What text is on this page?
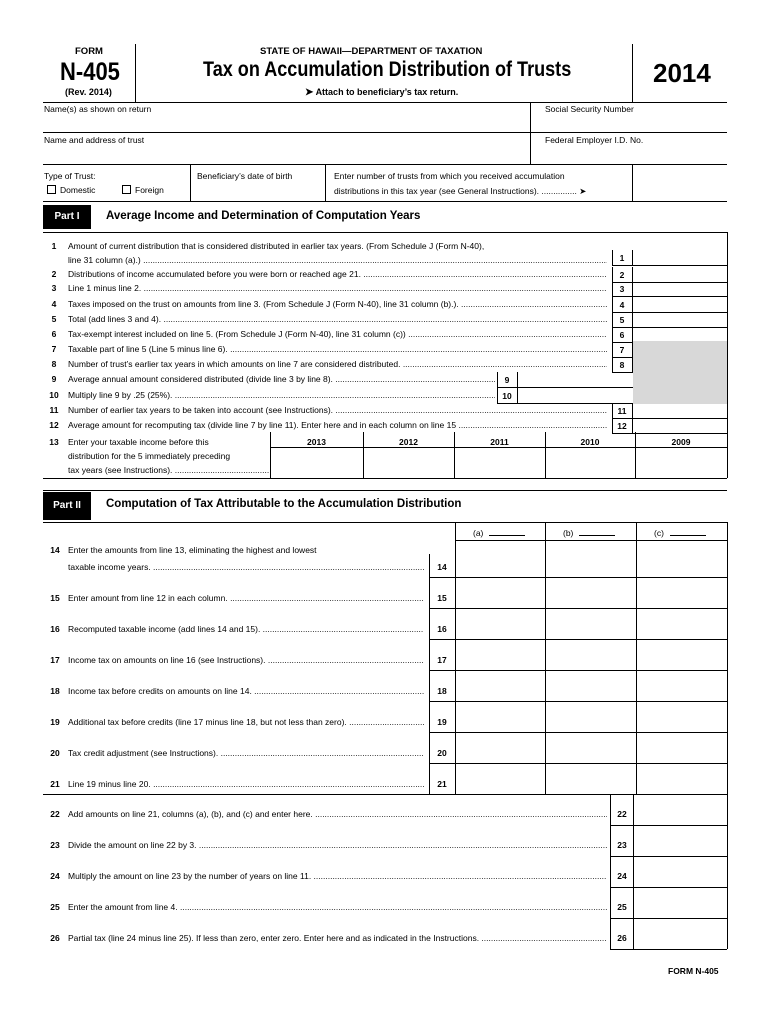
FORM
N-405
(Rev. 2014)
STATE OF HAWAII—DEPARTMENT OF TAXATION
Tax on Accumulation Distribution of Trusts
➤ Attach to beneficiary’s tax return.
2014
Name(s) as shown on return	Social Security Number
Name and address of trust	Federal Employer I.D. No.
Type of Trust:
Domestic	Foreign
Beneficiary’s date of birth	Enter number of trusts from which you received accumulation
distributions in this tax year (see General Instructions). ............... ➤
Part I	Average Income and Determination of Computation Years
1	Amount of current distribution that is considered distributed in earlier tax years. (From Schedule J (Form N-40),
line 31 column (a).) .....	1
2	Distributions of income accumulated before you were born or reached age 21. .....	2
3	Line 1 minus line 2. .....	3
4	Taxes imposed on the trust on amounts from line 3. (From Schedule J (Form N-40), line 31 column (b).). .....	4
5	Total (add lines 3 and 4). .....	5
6	Tax-exempt interest included on line 5. (From Schedule J (Form N-40), line 31 column (c)) .....	6
7	Taxable part of line 5 (Line 5 minus line 6). .....	7
8	Number of trust’s earlier tax years in which amounts on line 7 are considered distributed. .....	8
9	Average annual amount considered distributed (divide line 3 by line 8). .....	9
10	Multiply line 9 by .25 (25%). .....	10
11	Number of earlier tax years to be taken into account (see Instructions). .....	11
12	Average amount for recomputing tax (divide line 7 by line 11). Enter here and in each column on line 15 .....	12
13	Enter your taxable income before this
distribution for the 5 immediately preceding
tax years (see Instructions). .....
2013	2012	2011	2010	2009
Part II	Computation of Tax Attributable to the Accumulation Distribution
(a)	(b)	(c)
14 Enter the amounts from line 13, eliminating the highest and lowest
taxable income years. .....	14
15 Enter amount from line 12 in each column. .....	15
16 Recomputed taxable income (add lines 14 and 15). .....	16
17 Income tax on amounts on line 16 (see Instructions). .....	17
18 Income tax before credits on amounts on line 14. .....	18
19 Additional tax before credits (line 17 minus line 18, but not less than zero). .....	19
20 Tax credit adjustment (see Instructions). .....	20
21 Line 19 minus line 20. .....	21
22 Add amounts on line 21, columns (a), (b), and (c) and enter here. .....	22
23 Divide the amount on line 22 by 3. .....	23
24 Multiply the amount on line 23 by the number of years on line 11. .....	24
25 Enter the amount from line 4. .....	25
26 Partial tax (line 24 minus line 25). If less than zero, enter zero. Enter here and as indicated in the Instructions. .....	26
FORM N-405
